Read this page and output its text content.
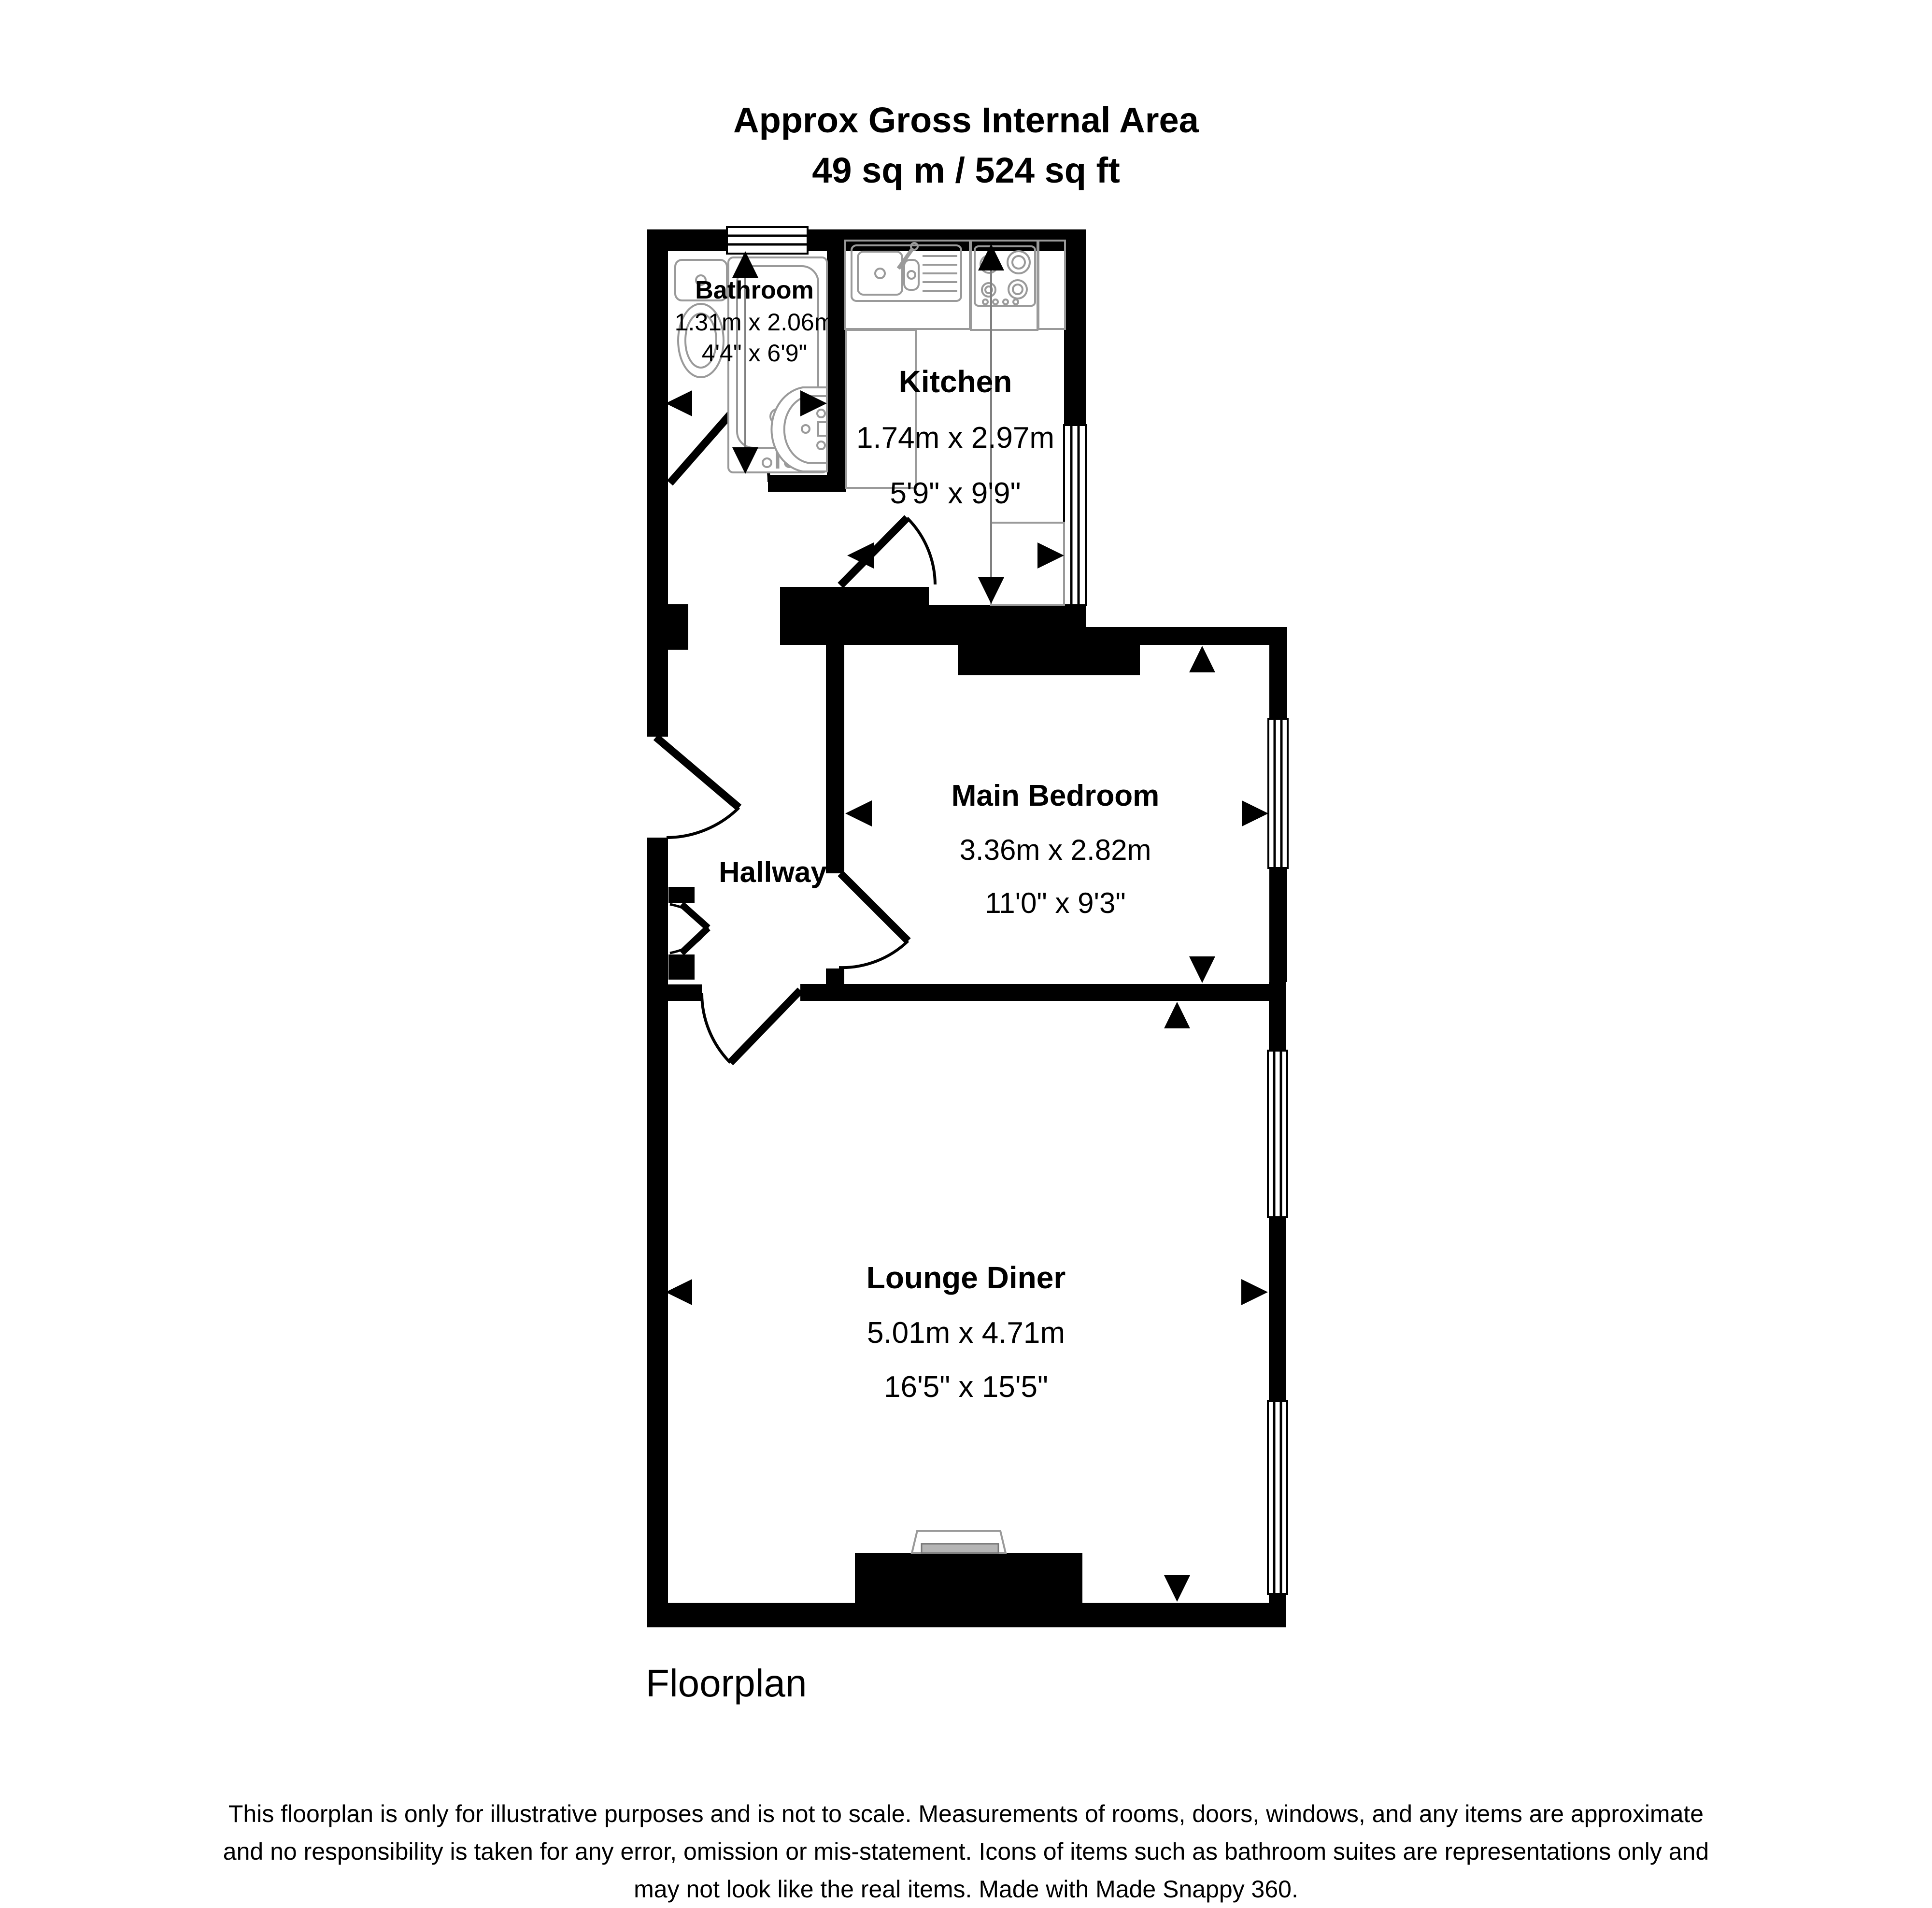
Approx Gross Internal Area
49 sq m / 524 sq ft
Bathroom
1.31m x 2.06m
4'4" x 6'9"
Kitchen
1.74m x 2.97m
5'9" x 9'9"
Main Bedroom
3.36m x 2.82m
11'0" x 9'3"
Hallway
Lounge Diner
5.01m x 4.71m
16'5" x 15'5"
Floorplan
This floorplan is only for illustrative purposes and is not to scale. Measurements of rooms, doors, windows, and any items are approximate
and no responsibility is taken for any error, omission or mis-statement. Icons of items such as bathroom suites are representations only and
may not look like the real items. Made with Made Snappy 360.
